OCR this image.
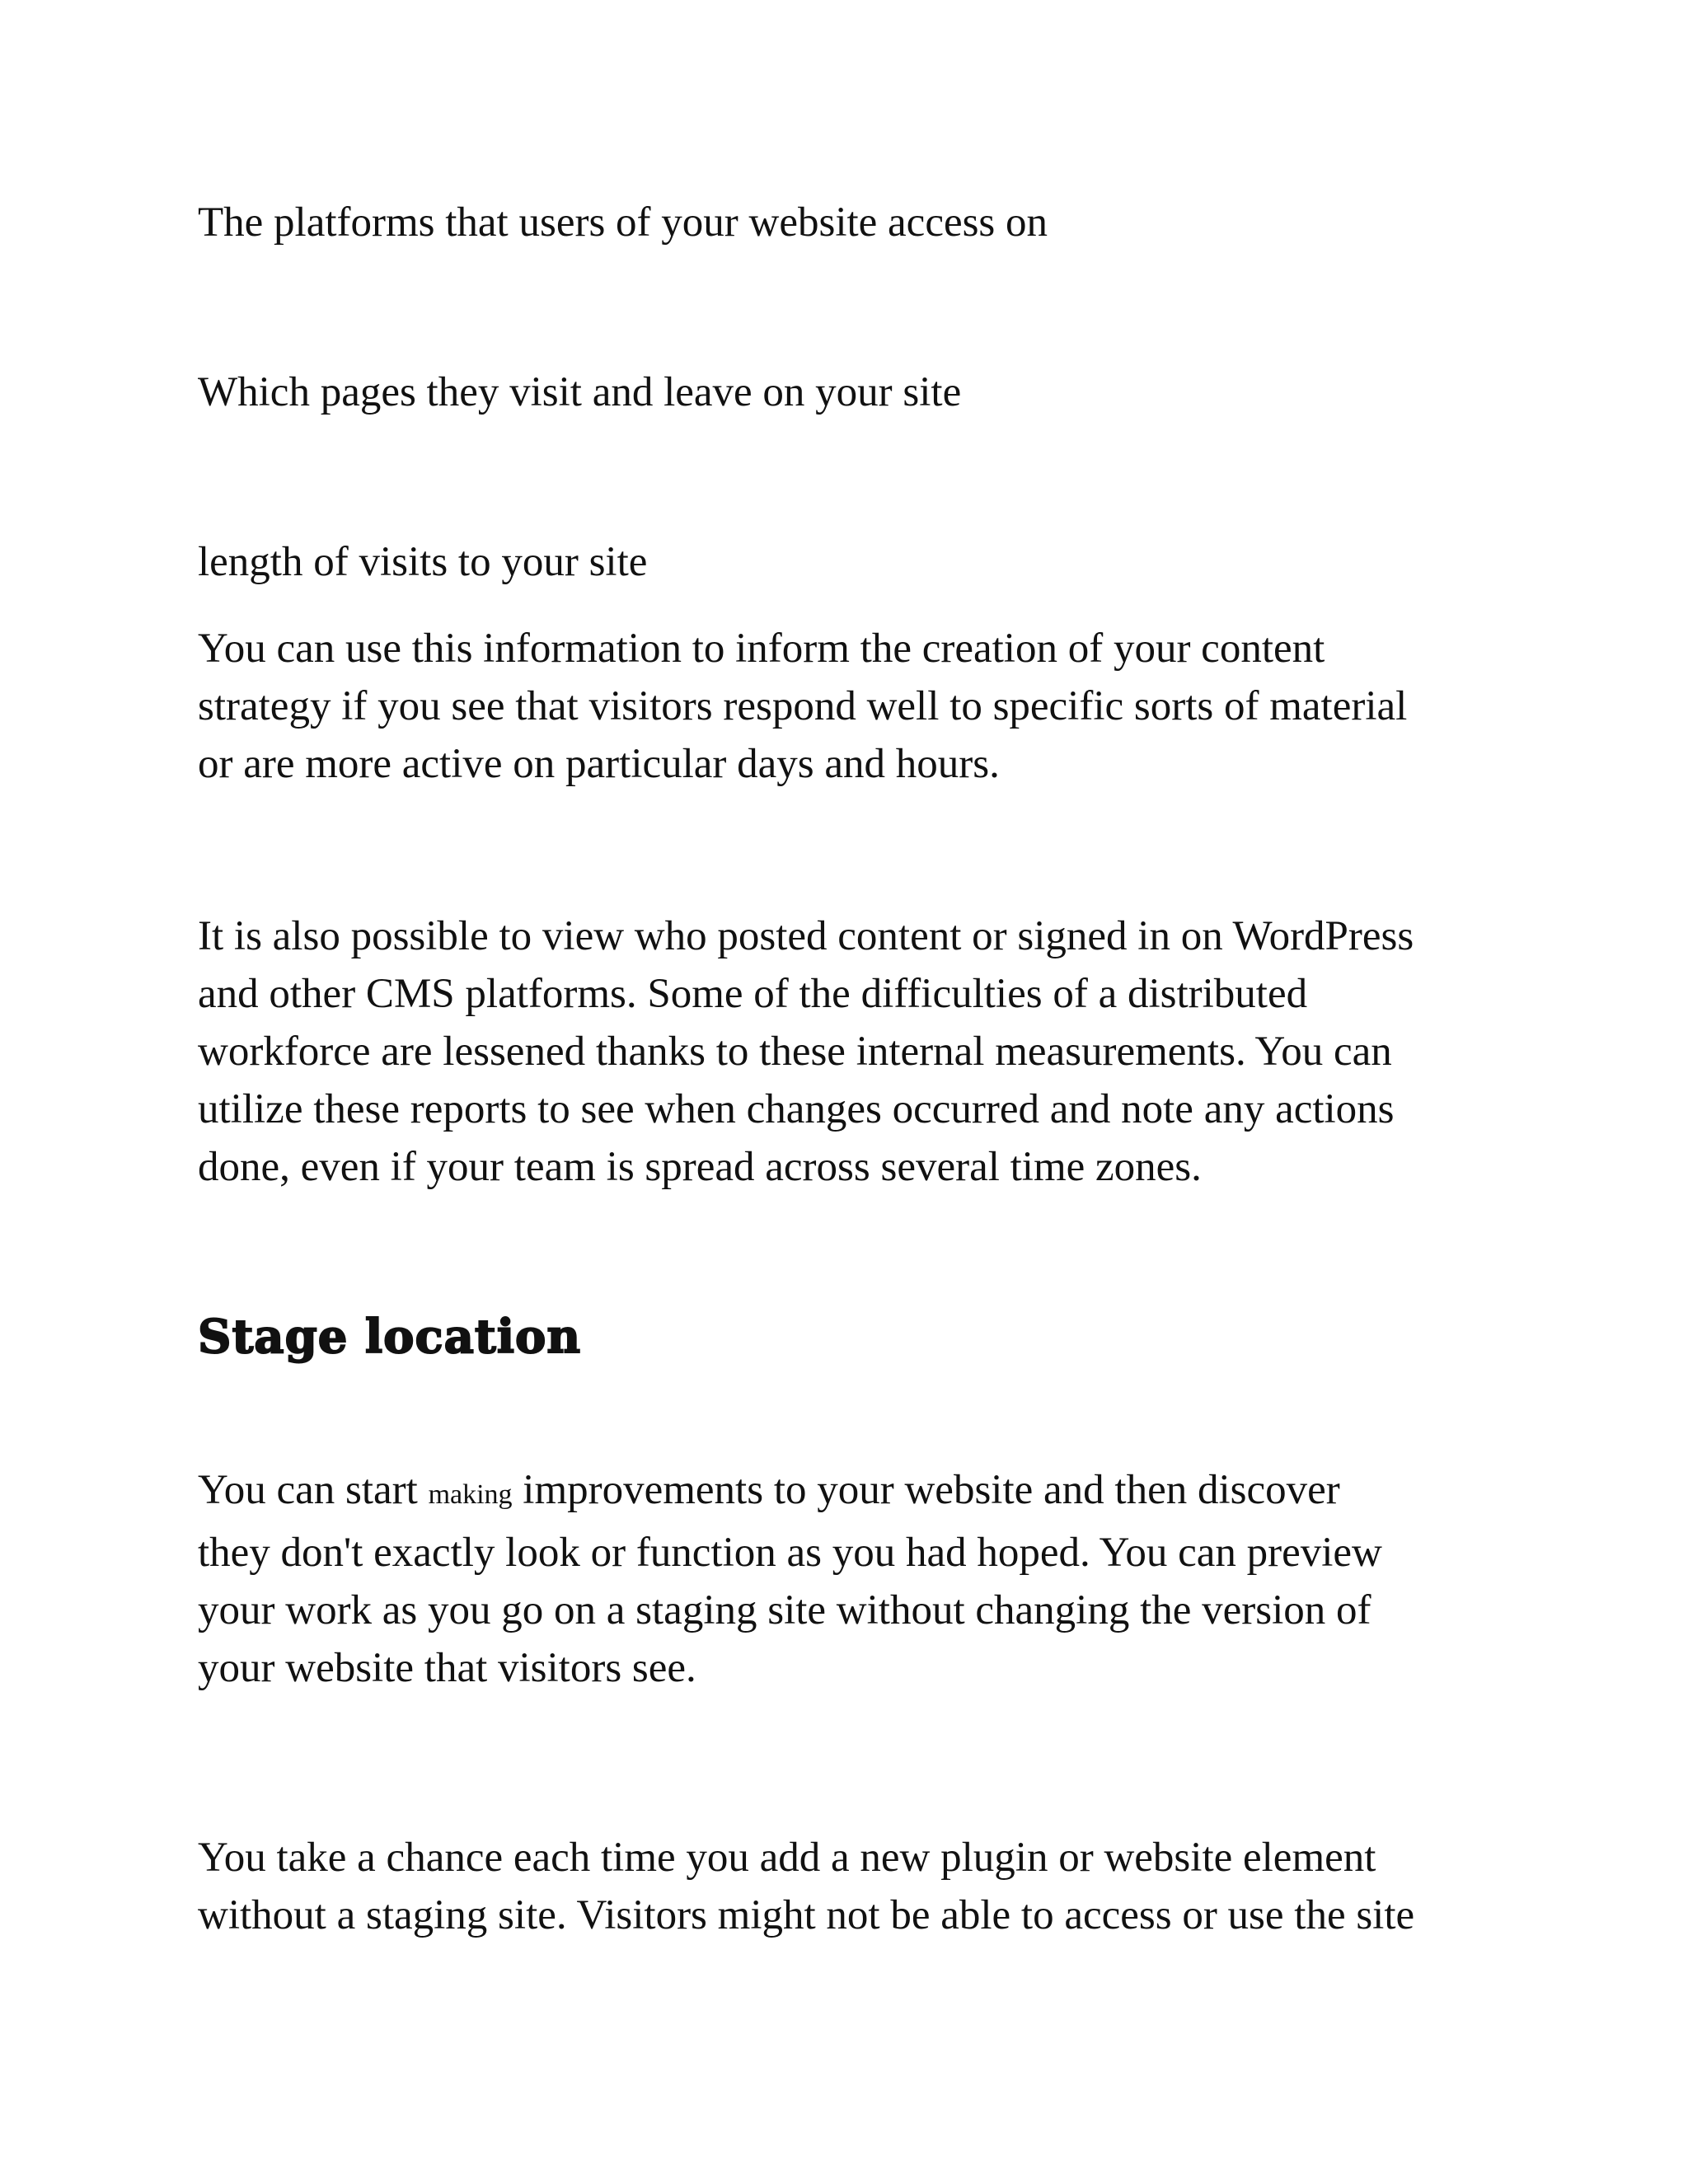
The platforms that users of your website access on

Which pages they visit and leave on your site

length of visits to your site

You can use this information to inform the creation of your content
strategy if you see that visitors respond well to specific sorts of material
or are more active on particular days and hours.

It is also possible to view who posted content or signed in on WordPress
and other CMS platforms. Some of the difficulties of a distributed
workforce are lessened thanks to these internal measurements. You can
utilize these reports to see when changes occurred and note any actions
done, even if your team is spread across several time zones.

Stage location

You can start making improvements to your website and then discover
they don't exactly look or function as you had hoped. You can preview
your work as you go on a staging site without changing the version of
your website that visitors see.

You take a chance each time you add a new plugin or website element
without a staging site. Visitors might not be able to access or use the site
